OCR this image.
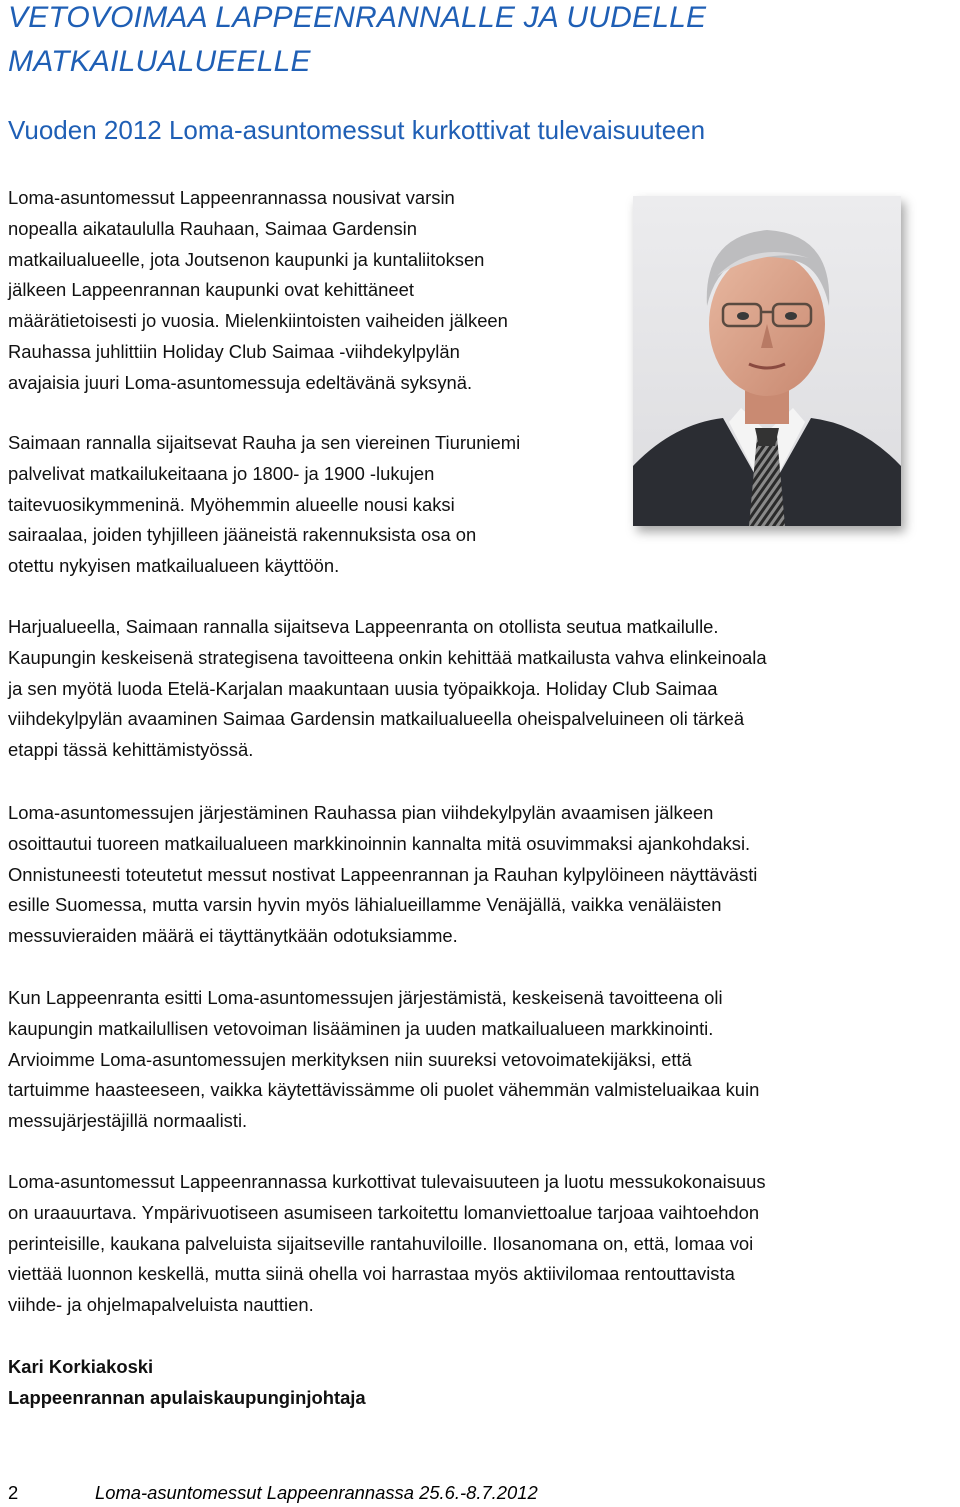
VETOVOIMAA LAPPEENRANNALLE JA UUDELLE
MATKAILUALUEELLE
Vuoden 2012 Loma-asuntomessut kurkottivat tulevaisuuteen
Loma-asuntomessut Lappeenrannassa nousivat varsin
nopealla aikataululla Rauhaan, Saimaa Gardensin
matkailualueelle, jota Joutsenon kaupunki ja kuntaliitoksen
jälkeen Lappeenrannan kaupunki ovat kehittäneet
määrätietoisesti jo vuosia. Mielenkiintoisten vaiheiden jälkeen
Rauhassa juhlittiin Holiday Club Saimaa -viihdekylpylän
avajaisia juuri Loma-asuntomessuja edeltävänä syksynä.
Saimaan rannalla sijaitsevat Rauha ja sen viereinen Tiuruniemi
palvelivat matkailukeitaana jo 1800- ja 1900 -lukujen
taitevuosikymmeninä. Myöhemmin alueelle nousi kaksi
sairaalaa, joiden tyhjilleen jääneistä rakennuksista osa on
otettu nykyisen matkailualueen käyttöön.
Harjualueella, Saimaan rannalla sijaitseva Lappeenranta on otollista seutua matkailulle.
Kaupungin keskeisenä strategisena tavoitteena onkin kehittää matkailusta vahva elinkeinoala
ja sen myötä luoda Etelä-Karjalan maakuntaan uusia työpaikkoja. Holiday Club Saimaa
viihdekylpylän avaaminen Saimaa Gardensin matkailualueella oheispalveluineen oli tärkeä
etappi tässä kehittämistyössä.
Loma-asuntomessujen järjestäminen Rauhassa pian viihdekylpylän avaamisen jälkeen
osoittautui tuoreen matkailualueen markkinoinnin kannalta mitä osuvimmaksi ajankohdaksi.
Onnistuneesti toteutetut messut nostivat Lappeenrannan ja Rauhan kylpylöineen näyttävästi
esille Suomessa, mutta varsin hyvin myös lähialueillamme Venäjällä, vaikka venäläisten
messuvieraiden määrä ei täyttänytkään odotuksiamme.
Kun Lappeenranta esitti Loma-asuntomessujen järjestämistä, keskeisenä tavoitteena oli
kaupungin matkailullisen vetovoiman lisääminen ja uuden matkailualueen markkinointi.
Arvioimme Loma-asuntomessujen merkityksen niin suureksi vetovoimatekijäksi, että
tartuimme haasteeseen, vaikka käytettävissämme oli puolet vähemmän valmisteluaikaa kuin
messujärjestäjillä normaalisti.
Loma-asuntomessut Lappeenrannassa kurkottivat tulevaisuuteen ja luotu messukokonaisuus
on uraauurtava. Ympärivuotiseen asumiseen tarkoitettu lomanviettoalue tarjoaa vaihtoehdon
perinteisille, kaukana palveluista sijaitseville rantahuviloille. Ilosanomana on, että, lomaa voi
viettää luonnon keskellä, mutta siinä ohella voi harrastaa myös aktiivilomaa rentouttavista
viihde- ja ohjelmapalveluista nauttien.
Kari Korkiakoski
Lappeenrannan apulaiskaupunginjohtaja
2	Loma-asuntomessut Lappeenrannassa 25.6.-8.7.2012
